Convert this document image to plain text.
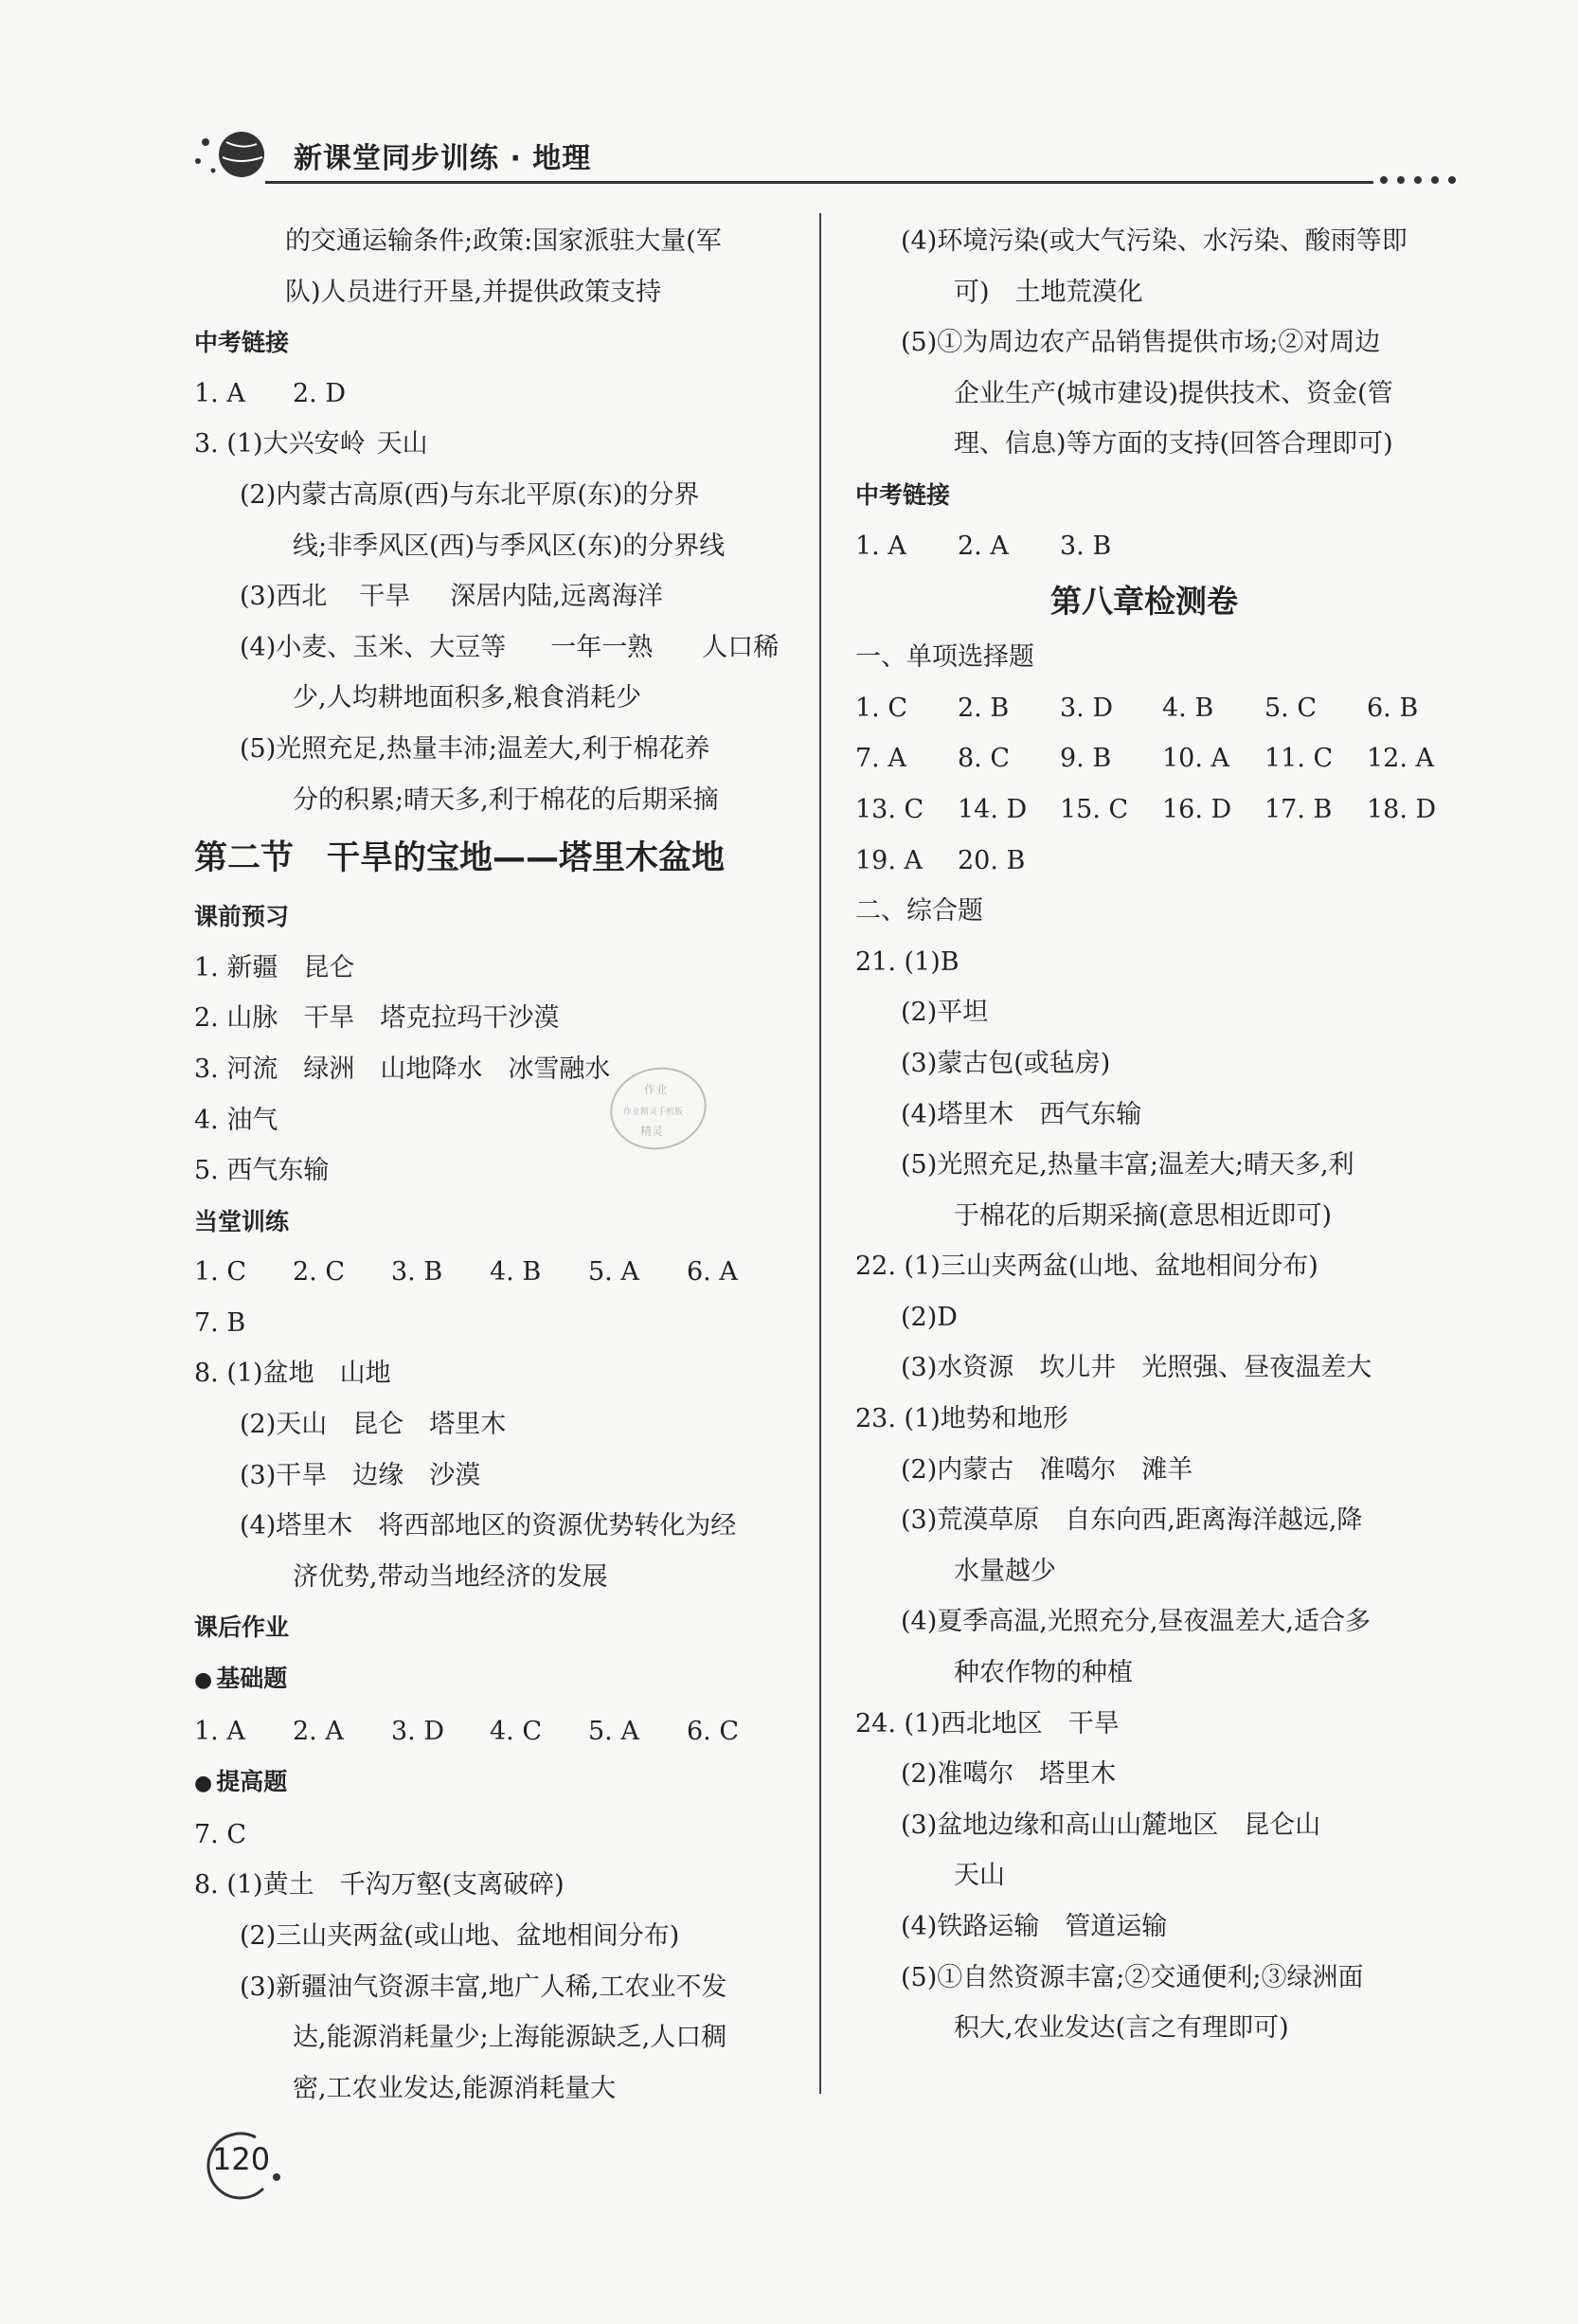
新课堂同步训练 · 地理
的交通运输条件;政策:国家派驻大量(军
队)人员进行开垦,并提供政策支持
中考链接
1. A 2. D
3. (1)大兴安岭 天山
(2)内蒙古高原(西)与东北平原(东)的分界
线;非季风区(西)与季风区(东)的分界线
(3)西北 干旱 深居内陆,远离海洋
(4)小麦、玉米、大豆等 一年一熟 人口稀
少,人均耕地面积多,粮食消耗少
(5)光照充足,热量丰沛;温差大,利于棉花养
分的积累;晴天多,利于棉花的后期采摘
第二节　干旱的宝地——塔里木盆地
课前预习
1. 新疆　昆仑
2. 山脉　干旱　塔克拉玛干沙漠
3. 河流　绿洲　山地降水　冰雪融水
4. 油气
5. 西气东输
当堂训练
1. C 2. C 3. B 4. B 5. A 6. A
7. B
8. (1)盆地　山地
(2)天山　昆仑　塔里木
(3)干旱　边缘　沙漠
(4)塔里木　将西部地区的资源优势转化为经
济优势,带动当地经济的发展
课后作业
● 基础题
1. A 2. A 3. D 4. C 5. A 6. C
● 提高题
7. C
8. (1)黄土　千沟万壑(支离破碎)
(2)三山夹两盆(或山地、盆地相间分布)
(3)新疆油气资源丰富,地广人稀,工农业不发
达,能源消耗量少;上海能源缺乏,人口稠
密,工农业发达,能源消耗量大
(4)环境污染(或大气污染、水污染、酸雨等即
可)　土地荒漠化
(5)①为周边农产品销售提供市场;②对周边
企业生产(城市建设)提供技术、资金(管
理、信息)等方面的支持(回答合理即可)
中考链接
1. A 2. A 3. B
第八章检测卷
一、单项选择题
1. C 2. B 3. D 4. B 5. C 6. B
7. A 8. C 9. B 10. A 11. C 12. A
13. C 14. D 15. C 16. D 17. B 18. D
19. A 20. B
二、综合题
21. (1)B
(2)平坦
(3)蒙古包(或毡房)
(4)塔里木　西气东输
(5)光照充足,热量丰富;温差大;晴天多,利
于棉花的后期采摘(意思相近即可)
22. (1)三山夹两盆(山地、盆地相间分布)
(2)D
(3)水资源　坎儿井　光照强、昼夜温差大
23. (1)地势和地形
(2)内蒙古　准噶尔　滩羊
(3)荒漠草原　自东向西,距离海洋越远,降
水量越少
(4)夏季高温,光照充分,昼夜温差大,适合多
种农作物的种植
24. (1)西北地区　干旱
(2)准噶尔　塔里木
(3)盆地边缘和高山山麓地区　昆仑山
天山
(4)铁路运输　管道运输
(5)①自然资源丰富;②交通便利;③绿洲面
积大,农业发达(言之有理即可)
作业
作业精灵手机版
精灵
120
